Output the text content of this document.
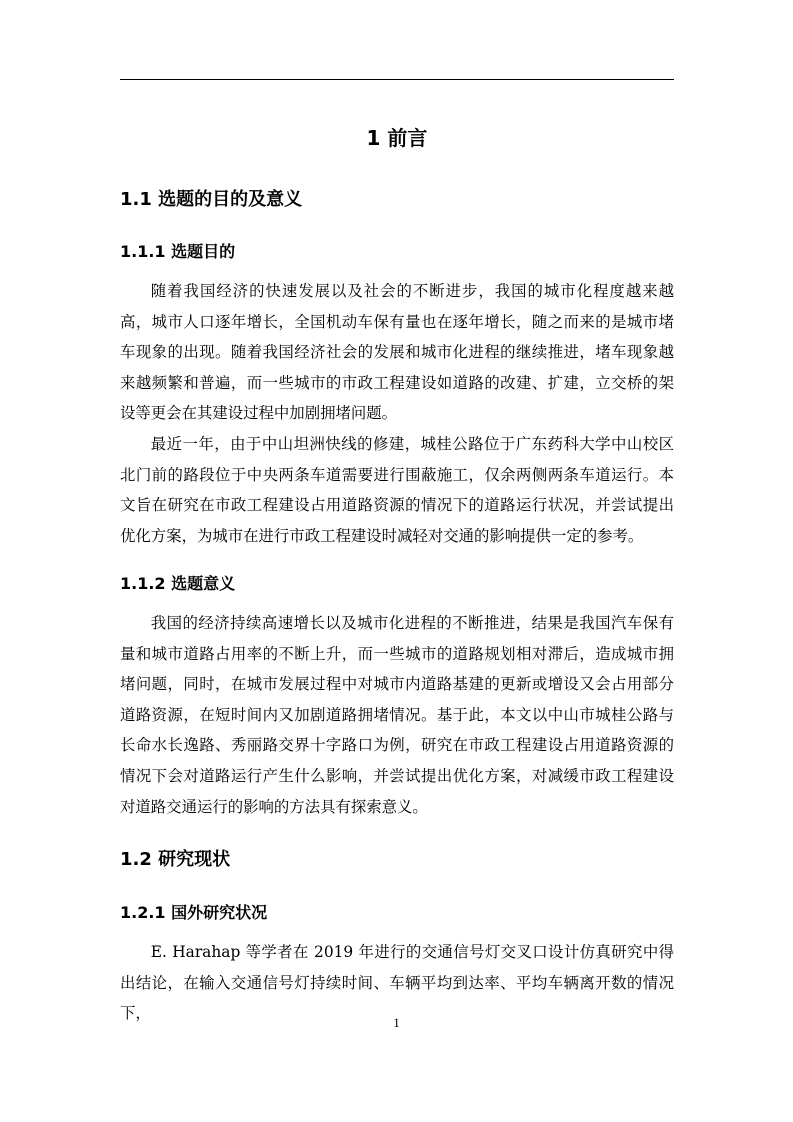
1 前言
1.1 选题的目的及意义
1.1.1 选题目的

随着我国经济的快速发展以及社会的不断进步，我国的城市化程度越来越高，城市人口逐年增长，全国机动车保有量也在逐年增长，随之而来的是城市堵车现象的出现。随着我国经济社会的发展和城市化进程的继续推进，堵车现象越来越频繁和普遍，而一些城市的市政工程建设如道路的改建、扩建，立交桥的架设等更会在其建设过程中加剧拥堵问题。

最近一年，由于中山坦洲快线的修建，城桂公路位于广东药科大学中山校区北门前的路段位于中央两条车道需要进行围蔽施工，仅余两侧两条车道运行。本文旨在研究在市政工程建设占用道路资源的情况下的道路运行状况，并尝试提出优化方案，为城市在进行市政工程建设时减轻对交通的影响提供一定的参考。

1.1.2 选题意义

我国的经济持续高速增长以及城市化进程的不断推进，结果是我国汽车保有量和城市道路占用率的不断上升，而一些城市的道路规划相对滞后，造成城市拥堵问题，同时，在城市发展过程中对城市内道路基建的更新或增设又会占用部分道路资源，在短时间内又加剧道路拥堵情况。基于此，本文以中山市城桂公路与长命水长逸路、秀丽路交界十字路口为例，研究在市政工程建设占用道路资源的情况下会对道路运行产生什么影响，并尝试提出优化方案，对减缓市政工程建设对道路交通运行的影响的方法具有探索意义。

1.2 研究现状
1.2.1 国外研究状况

E. Harahap 等学者在 2019 年进行的交通信号灯交叉口设计仿真研究中得出结论，在输入交通信号灯持续时间、车辆平均到达率、平均车辆离开数的情况下，

1
